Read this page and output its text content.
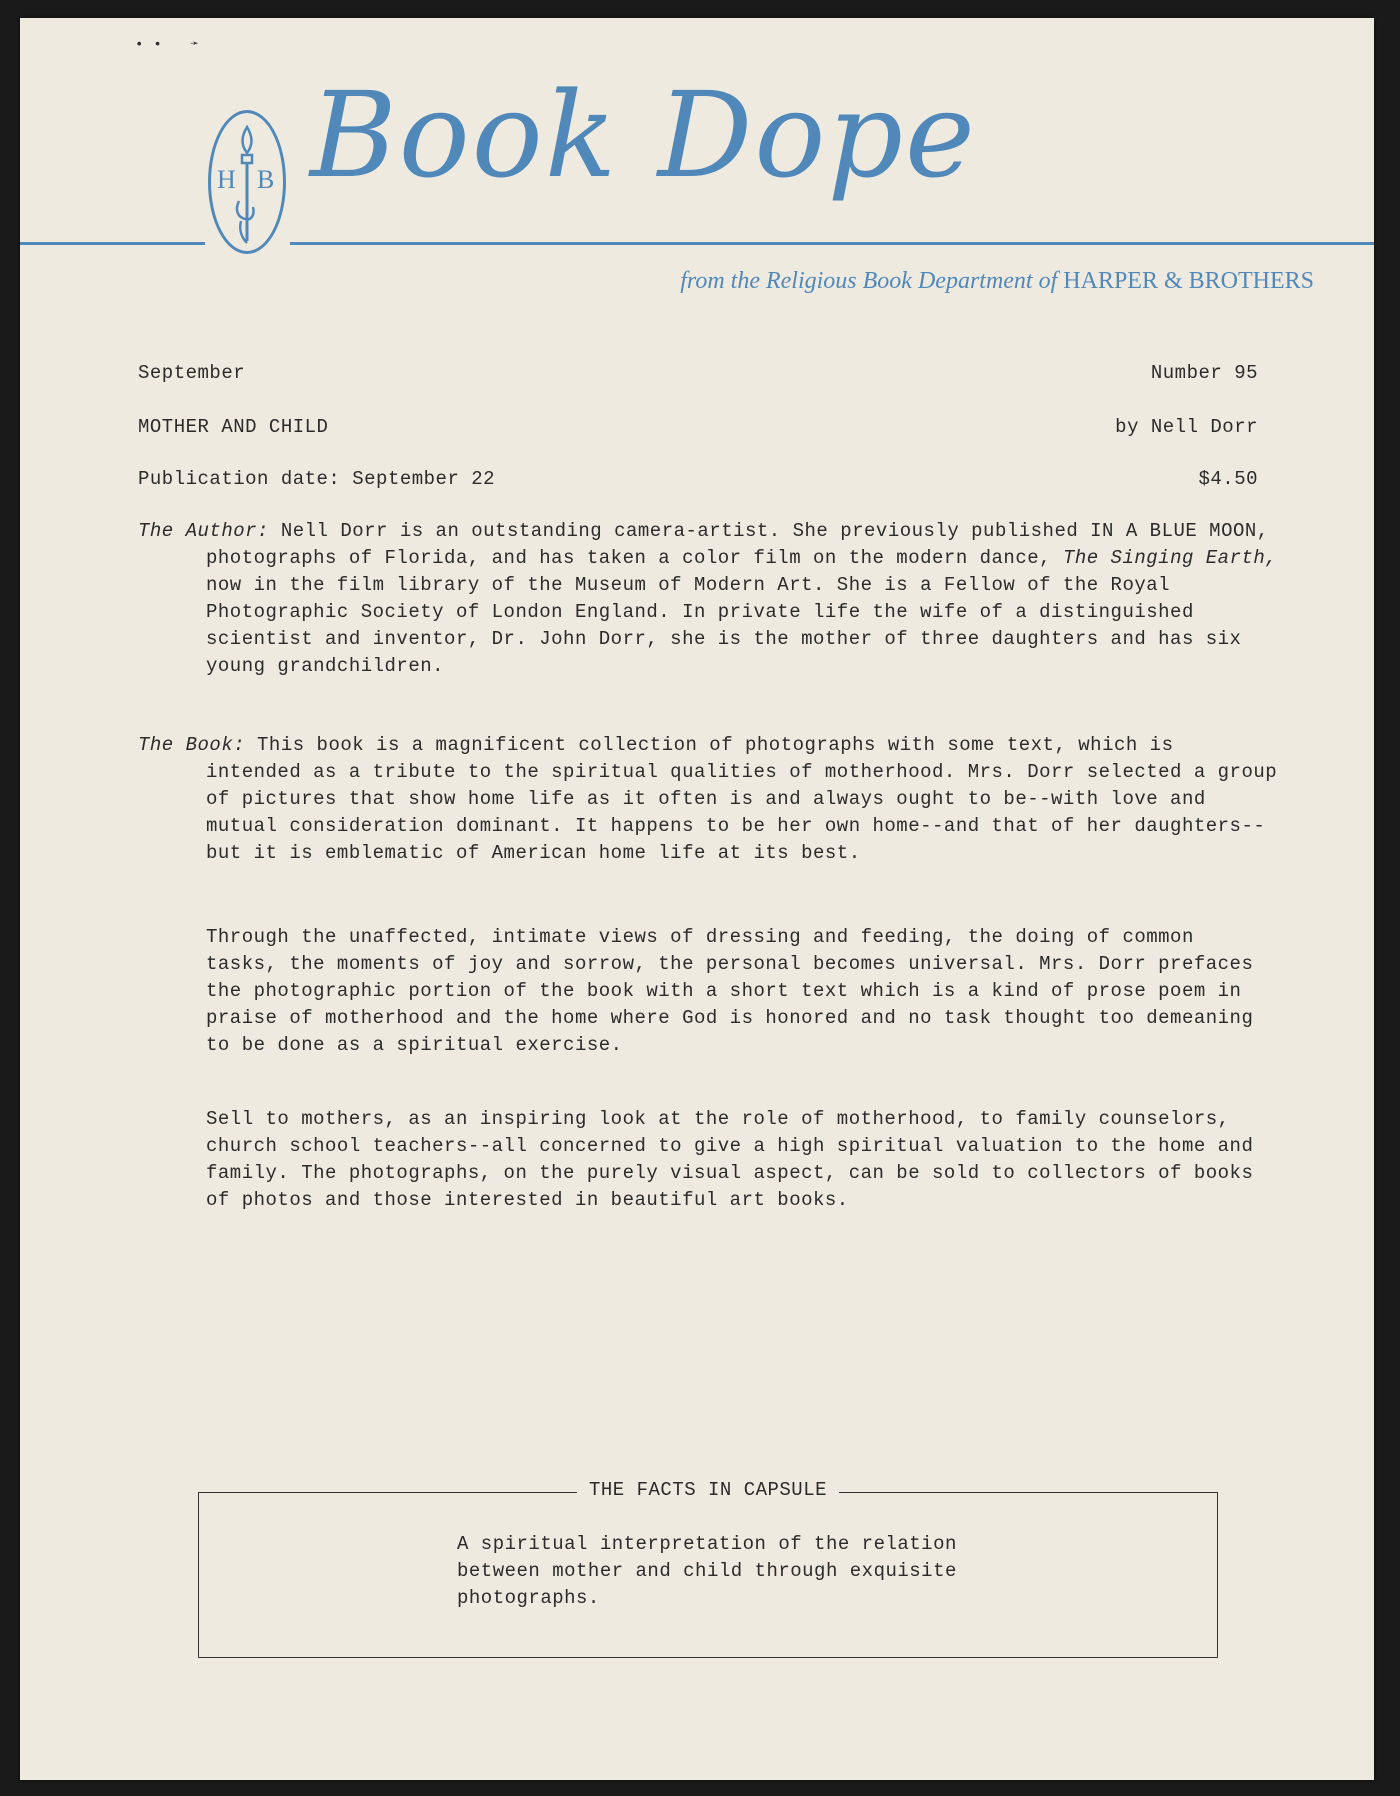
•• ➛
H B Book Dope
from the Religious Book Department of HARPER & BROTHERS
September	Number 95
MOTHER AND CHILD	by Nell Dorr
Publication date: September 22	$4.50

The Author: Nell Dorr is an outstanding camera-artist. She previously published IN A BLUE MOON, photographs of Florida, and has taken a color film on the modern dance, The Singing Earth, now in the film library of the Museum of Modern Art. She is a Fellow of the Royal Photographic Society of London England. In private life the wife of a distinguished scientist and inventor, Dr. John Dorr, she is the mother of three daughters and has six young grandchildren.

The Book: This book is a magnificent collection of photographs with some text, which is intended as a tribute to the spiritual qualities of motherhood. Mrs. Dorr selected a group of pictures that show home life as it often is and always ought to be--with love and mutual consideration dominant. It happens to be her own home--and that of her daughters--but it is emblematic of American home life at its best.

Through the unaffected, intimate views of dressing and feeding, the doing of common tasks, the moments of joy and sorrow, the personal becomes universal. Mrs. Dorr prefaces the photographic portion of the book with a short text which is a kind of prose poem in praise of motherhood and the home where God is honored and no task thought too demeaning to be done as a spiritual exercise.

Sell to mothers, as an inspiring look at the role of motherhood, to family counselors, church school teachers--all concerned to give a high spiritual valuation to the home and family. The photographs, on the purely visual aspect, can be sold to collectors of books of photos and those interested in beautiful art books.

THE FACTS IN CAPSULE

A spiritual interpretation of the relation between mother and child through exquisite photographs.
